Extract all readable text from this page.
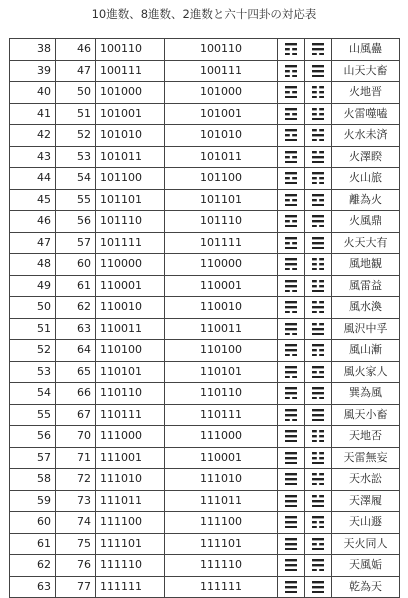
10進数、8進数、2進数と六十四卦の対応表
38	46	100110	100110			山風蠱
39	47	100111	100111			山天大畜
40	50	101000	101000			火地晋
41	51	101001	101001			火雷噬嗑
42	52	101010	101010			火水未済
43	53	101011	101011			火澤睽
44	54	101100	101100			火山旅
45	55	101101	101101			離為火
46	56	101110	101110			火風鼎
47	57	101111	101111			火天大有
48	60	110000	110000			風地観
49	61	110001	110001			風雷益
50	62	110010	110010			風水渙
51	63	110011	110011			風沢中孚
52	64	110100	110100			風山漸
53	65	110101	110101			風火家人
54	66	110110	110110			巽為風
55	67	110111	110111			風天小畜
56	70	111000	111000			天地否
57	71	111001	110001			天雷無妄
58	72	111010	111010			天水訟
59	73	111011	111011			天澤履
60	74	111100	111100			天山遯
61	75	111101	111101			天火同人
62	76	111110	111110			天風姤
63	77	111111	111111			乾為天
